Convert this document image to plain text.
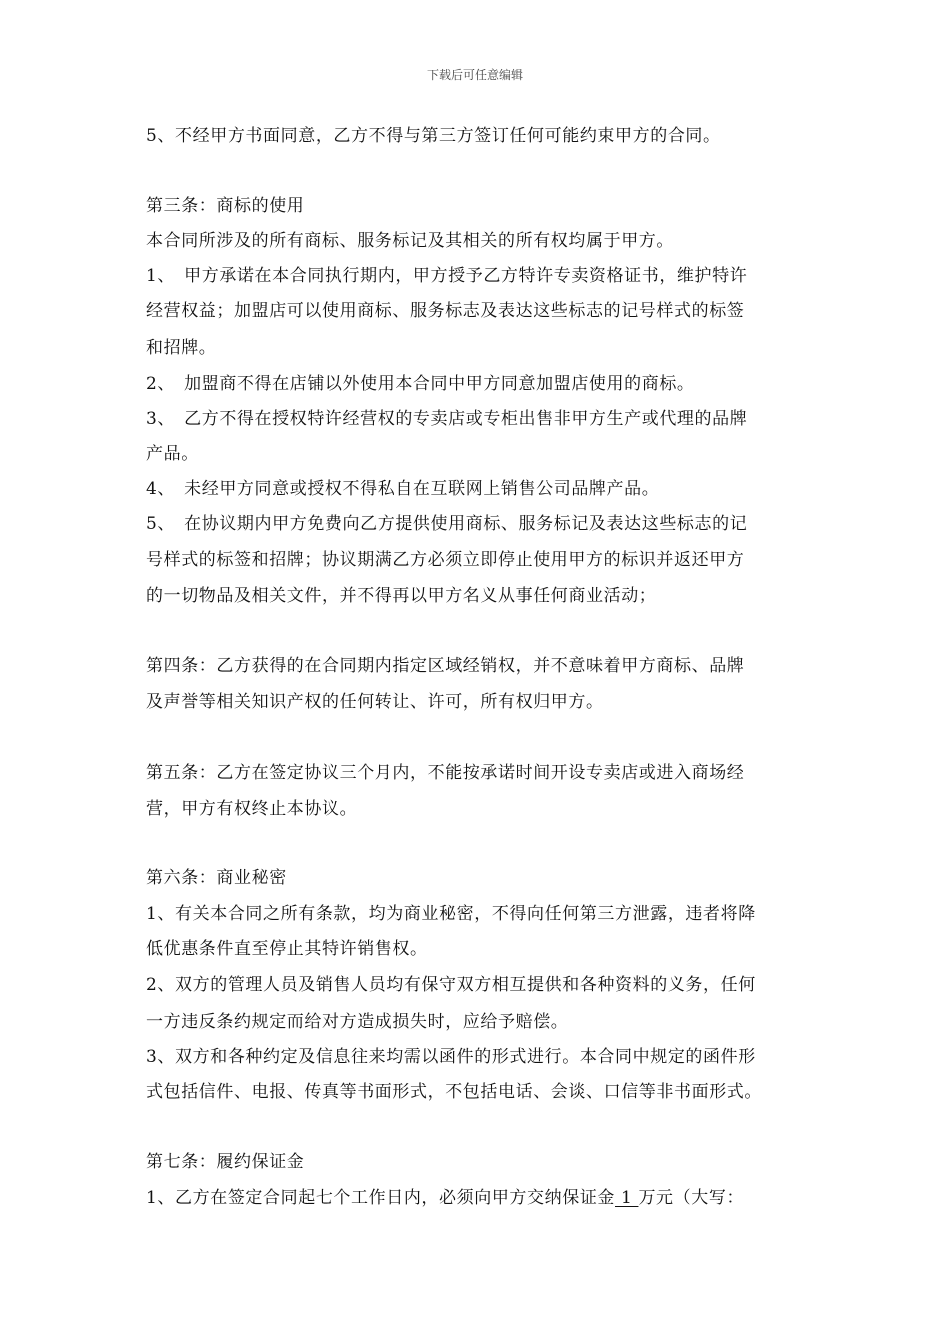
下载后可任意编辑
5、不经甲方书面同意，乙方不得与第三方签订任何可能约束甲方的合同。
第三条：商标的使用
本合同所涉及的所有商标、服务标记及其相关的所有权均属于甲方。
1、　甲方承诺在本合同执行期内，甲方授予乙方特许专卖资格证书，维护特许
经营权益；加盟店可以使用商标、服务标志及表达这些标志的记号样式的标签
和招牌。
2、　加盟商不得在店铺以外使用本合同中甲方同意加盟店使用的商标。
3、　乙方不得在授权特许经营权的专卖店或专柜出售非甲方生产或代理的品牌
产品。
4、　未经甲方同意或授权不得私自在互联网上销售公司品牌产品。
5、　在协议期内甲方免费向乙方提供使用商标、服务标记及表达这些标志的记
号样式的标签和招牌；协议期满乙方必须立即停止使用甲方的标识并返还甲方
的一切物品及相关文件，并不得再以甲方名义从事任何商业活动；
第四条：乙方获得的在合同期内指定区域经销权，并不意味着甲方商标、品牌
及声誉等相关知识产权的任何转让、许可，所有权归甲方。
第五条：乙方在签定协议三个月内，不能按承诺时间开设专卖店或进入商场经
营，甲方有权终止本协议。
第六条：商业秘密
1、有关本合同之所有条款，均为商业秘密，不得向任何第三方泄露，违者将降
低优惠条件直至停止其特许销售权。
2、双方的管理人员及销售人员均有保守双方相互提供和各种资料的义务，任何
一方违反条约规定而给对方造成损失时，应给予赔偿。
3、双方和各种约定及信息往来均需以函件的形式进行。本合同中规定的函件形
式包括信件、电报、传真等书面形式，不包括电话、会谈、口信等非书面形式。
第七条：履约保证金
1、乙方在签定合同起七个工作日内，必须向甲方交纳保证金 1 万元（大写：
